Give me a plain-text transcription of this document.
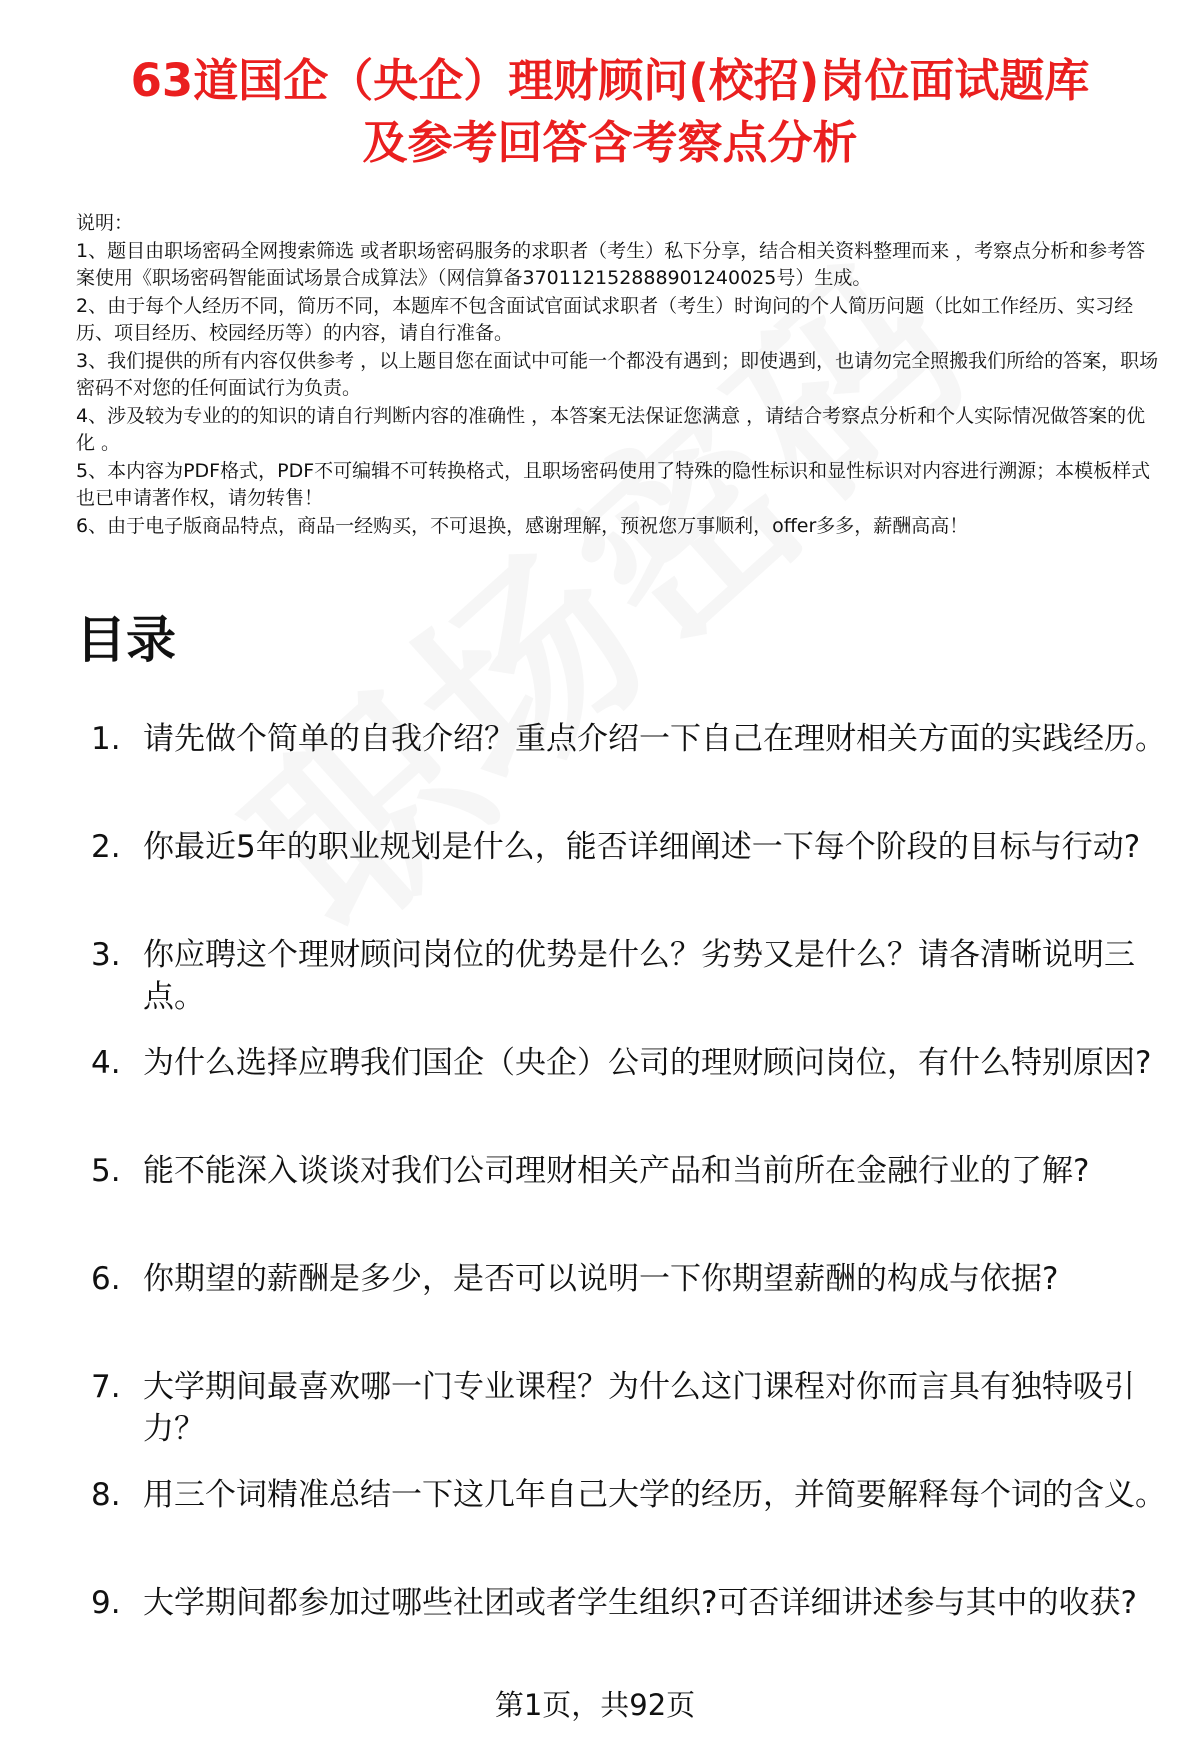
63道国企（央企）理财顾问(校招)岗位面试题库
及参考回答含考察点分析

说明：

1、题目由职场密码全网搜索筛选 或者职场密码服务的求职者（考生）私下分享，结合相关资料整理而来 ，考察点分析和参考答案使用《职场密码智能面试场景合成算法》（网信算备370112152888901240025号）生成。

2、由于每个人经历不同，简历不同，本题库不包含面试官面试求职者（考生）时询问的个人简历问题（比如工作经历、实习经历、项目经历、校园经历等）的内容，请自行准备。

3、我们提供的所有内容仅供参考 ，以上题目您在面试中可能一个都没有遇到；即使遇到，也请勿完全照搬我们所给的答案，职场密码不对您的任何面试行为负责。

4、涉及较为专业的的知识的请自行判断内容的准确性 ，本答案无法保证您满意 ，请结合考察点分析和个人实际情况做答案的优化 。

5、本内容为PDF格式，PDF不可编辑不可转换格式，且职场密码使用了特殊的隐性标识和显性标识对内容进行溯源；本模板样式也已申请著作权，请勿转售！

6、由于电子版商品特点，商品一经购买，不可退换，感谢理解，预祝您万事顺利，offer多多，薪酬高高！

目录
1. 请先做个简单的自我介绍？重点介绍一下自己在理财相关方面的实践经历。
2. 你最近5年的职业规划是什么，能否详细阐述一下每个阶段的目标与行动?
3. 你应聘这个理财顾问岗位的优势是什么？劣势又是什么？请各清晰说明三点。
4. 为什么选择应聘我们国企（央企）公司的理财顾问岗位，有什么特别原因?
5. 能不能深入谈谈对我们公司理财相关产品和当前所在金融行业的了解?
6. 你期望的薪酬是多少，是否可以说明一下你期望薪酬的构成与依据?
7. 大学期间最喜欢哪一门专业课程？为什么这门课程对你而言具有独特吸引力？
8. 用三个词精准总结一下这几年自己大学的经历，并简要解释每个词的含义。
9. 大学期间都参加过哪些社团或者学生组织?可否详细讲述参与其中的收获?
第1页，共92页
